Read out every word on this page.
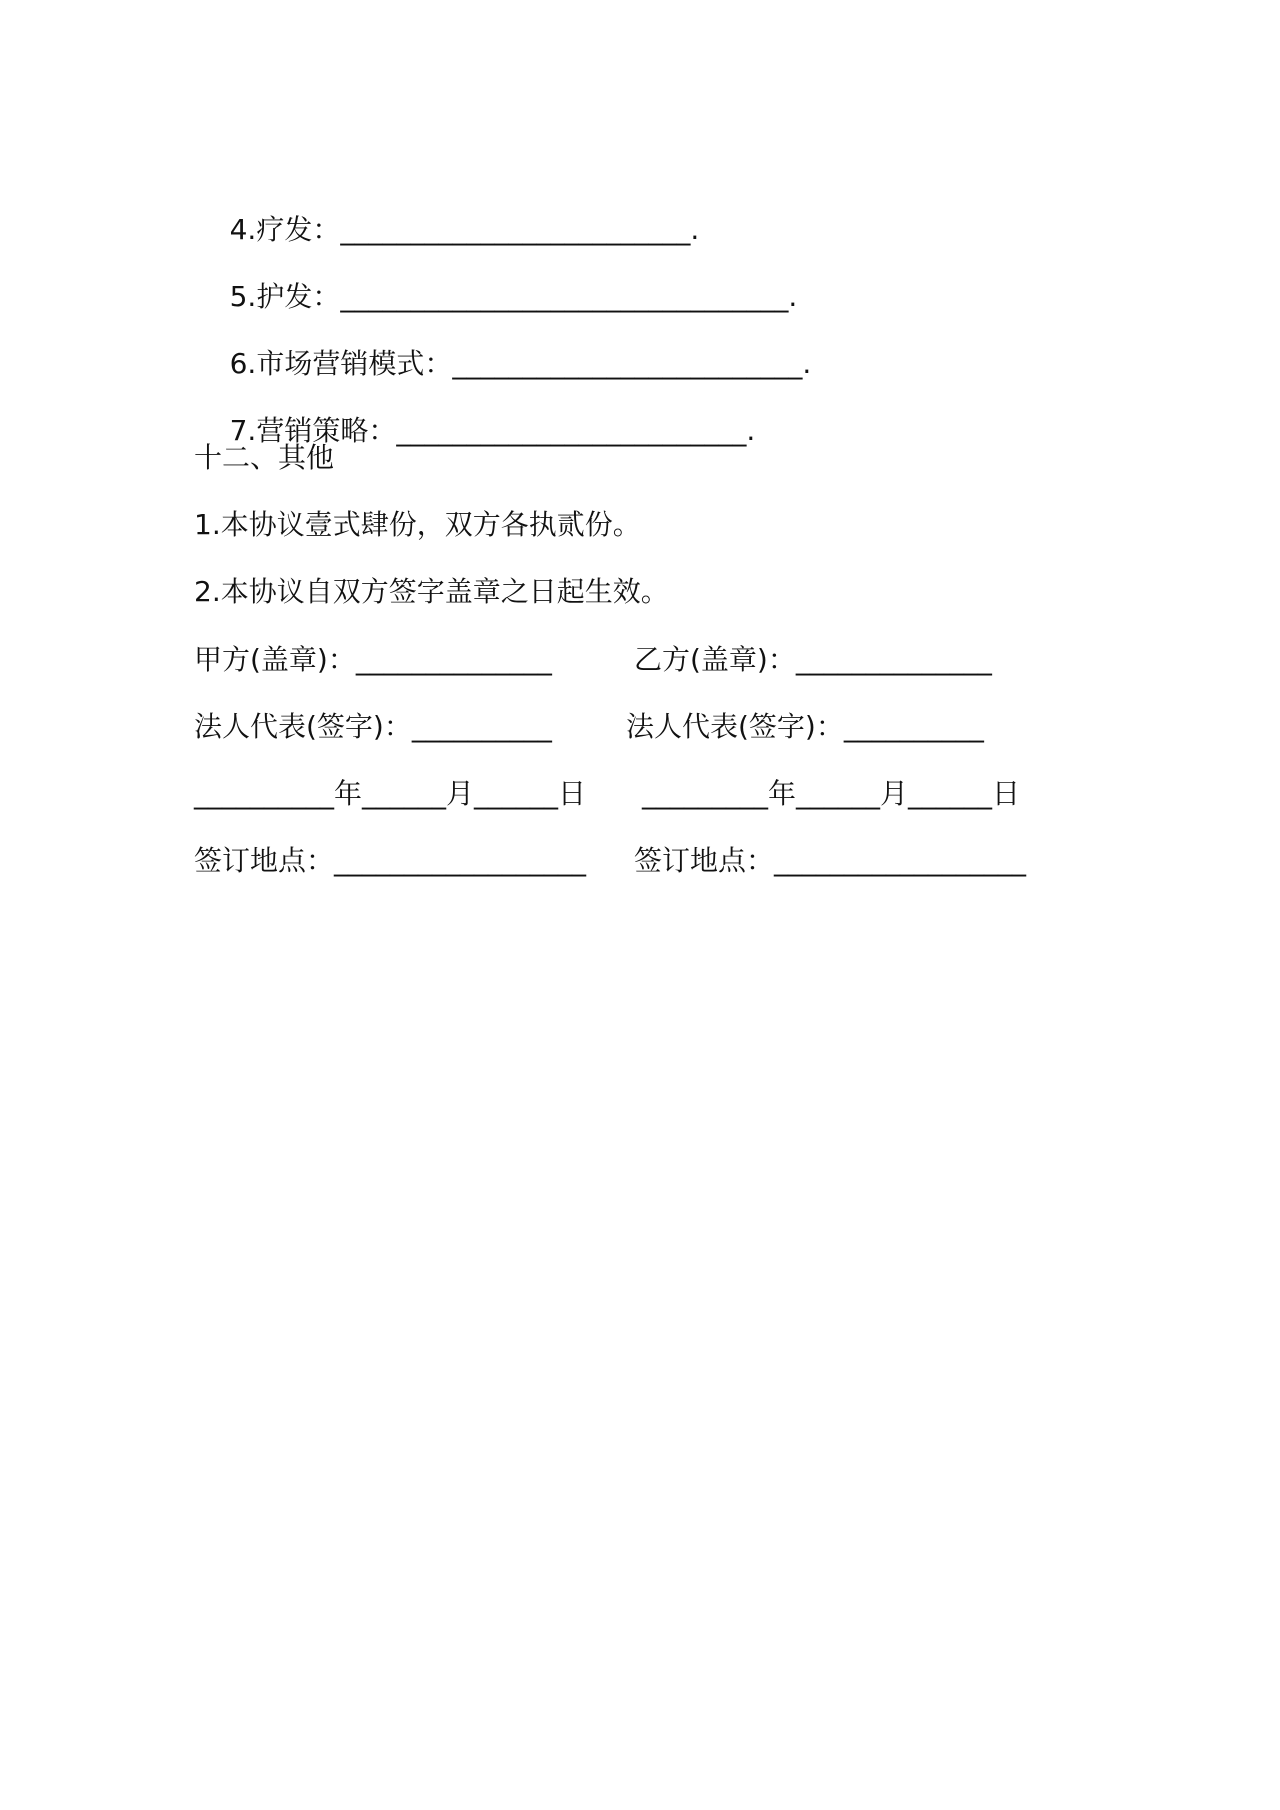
4.疗发：_________________________.

5.护发：________________________________.

6.市场营销模式：_________________________.

7.营销策略：_________________________.

十二、其他
1.本协议壹式肆份，双方各执贰份。
2.本协议自双方签字盖章之日起生效。
甲方(盖章)：______________	乙方(盖章)：______________
法人代表(签字)：__________	法人代表(签字)：__________
__________年______月______日 _________年______月______日
签订地点：__________________ 签订地点：__________________
